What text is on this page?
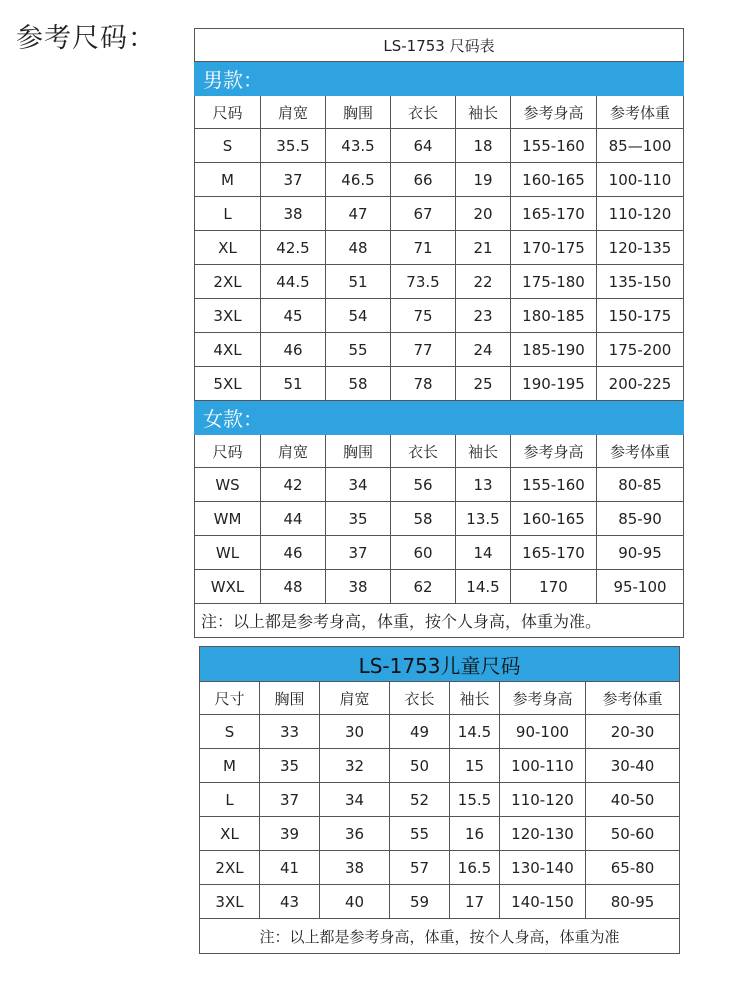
参考尺码：	LS-1753 尺码表						
男款：						
尺码	肩宽	胸围	衣长	袖长	参考身高	参考体重
S	35.5	43.5	64	18	155-160	85—100
M	37	46.5	66	19	160-165	100-110
L	38	47	67	20	165-170	110-120
XL	42.5	48	71	21	170-175	120-135
2XL	44.5	51	73.5	22	175-180	135-150
3XL	45	54	75	23	180-185	150-175
4XL	46	55	77	24	185-190	175-200
5XL	51	58	78	25	190-195	200-225
女款：						
尺码	肩宽	胸围	衣长	袖长	参考身高	参考体重
WS	42	34	56	13	155-160	80-85
WM	44	35	58	13.5	160-165	85-90
WL	46	37	60	14	165-170	90-95
WXL	48	38	62	14.5	170	95-100
注：以上都是参考身高，体重，按个人身高，体重为准。						
LS-1753儿童尺码						
尺寸	胸围	肩宽	衣长	袖长	参考身高	参考体重
S	33	30	49	14.5	90-100	20-30
M	35	32	50	15	100-110	30-40
L	37	34	52	15.5	110-120	40-50
XL	39	36	55	16	120-130	50-60
2XL	41	38	57	16.5	130-140	65-80
3XL	43	40	59	17	140-150	80-95
注：以上都是参考身高，体重，按个人身高，体重为准						
